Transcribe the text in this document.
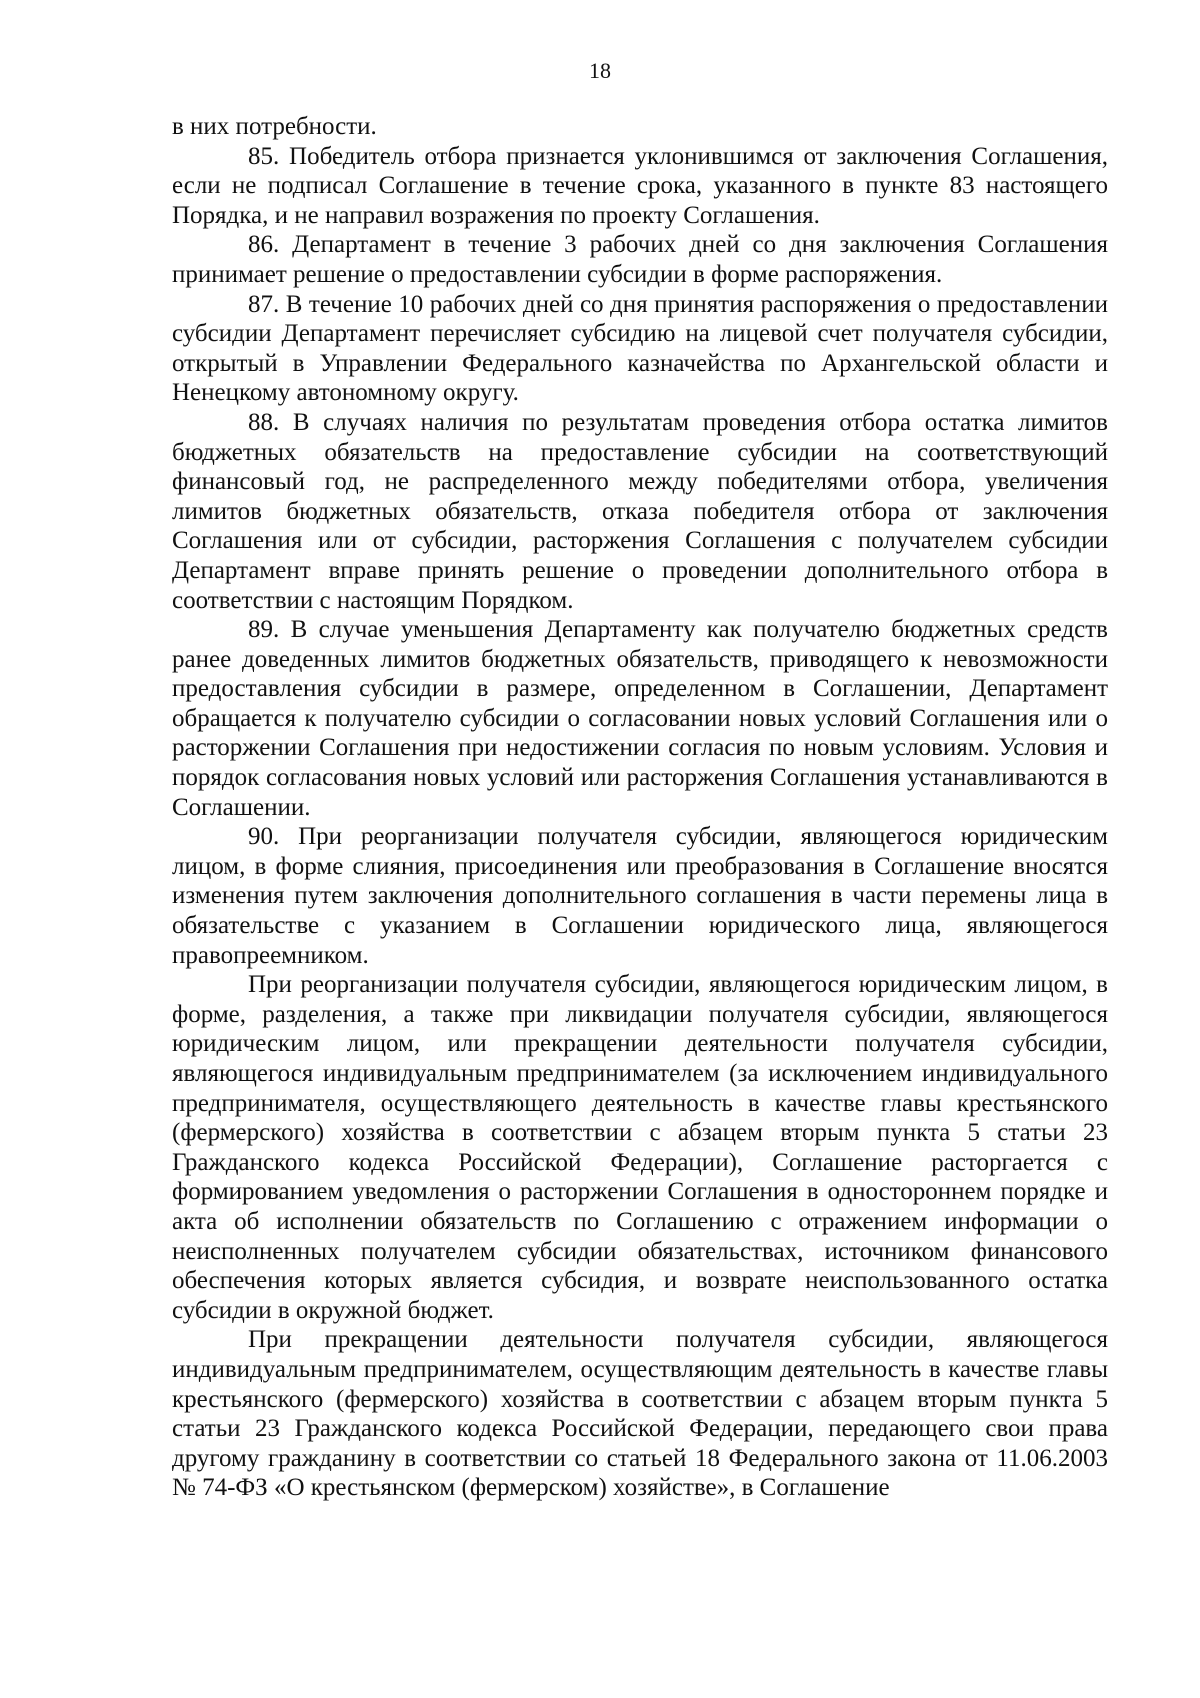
18

в них потребности.

85. Победитель отбора признается уклонившимся от заключения Соглашения, если не подписал Соглашение в течение срока, указанного в пункте 83 настоящего Порядка, и не направил возражения по проекту Соглашения.

86. Департамент в течение 3 рабочих дней со дня заключения Соглашения принимает решение о предоставлении субсидии в форме распоряжения.

87. В течение 10 рабочих дней со дня принятия распоряжения о предоставлении субсидии Департамент перечисляет субсидию на лицевой счет получателя субсидии, открытый в Управлении Федерального казначейства по Архангельской области и Ненецкому автономному округу.

88. В случаях наличия по результатам проведения отбора остатка лимитов бюджетных обязательств на предоставление субсидии на соответствующий финансовый год, не распределенного между победителями отбора, увеличения лимитов бюджетных обязательств, отказа победителя отбора от заключения Соглашения или от субсидии, расторжения Соглашения с получателем субсидии Департамент вправе принять решение о проведении дополнительного отбора в соответствии с настоящим Порядком.

89. В случае уменьшения Департаменту как получателю бюджетных средств ранее доведенных лимитов бюджетных обязательств, приводящего к невозможности предоставления субсидии в размере, определенном в Соглашении, Департамент обращается к получателю субсидии о согласовании новых условий Соглашения или о расторжении Соглашения при недостижении согласия по новым условиям. Условия и порядок согласования новых условий или расторжения Соглашения устанавливаются в Соглашении.

90. При реорганизации получателя субсидии, являющегося юридическим лицом, в форме слияния, присоединения или преобразования в Соглашение вносятся изменения путем заключения дополнительного соглашения в части перемены лица в обязательстве с указанием в Соглашении юридического лица, являющегося правопреемником.

При реорганизации получателя субсидии, являющегося юридическим лицом, в форме, разделения, а также при ликвидации получателя субсидии, являющегося юридическим лицом, или прекращении деятельности получателя субсидии, являющегося индивидуальным предпринимателем (за исключением индивидуального предпринимателя, осуществляющего деятельность в качестве главы крестьянского (фермерского) хозяйства в соответствии с абзацем вторым пункта 5 статьи 23 Гражданского кодекса Российской Федерации), Соглашение расторгается с формированием уведомления о расторжении Соглашения в одностороннем порядке и акта об исполнении обязательств по Соглашению с отражением информации о неисполненных получателем субсидии обязательствах, источником финансового обеспечения которых является субсидия, и возврате неиспользованного остатка субсидии в окружной бюджет.

При прекращении деятельности получателя субсидии, являющегося индивидуальным предпринимателем, осуществляющим деятельность в качестве главы крестьянского (фермерского) хозяйства в соответствии с абзацем вторым пункта 5 статьи 23 Гражданского кодекса Российской Федерации, передающего свои права другому гражданину в соответствии со статьей 18 Федерального закона от 11.06.2003 № 74-ФЗ «О крестьянском (фермерском) хозяйстве», в Соглашение
